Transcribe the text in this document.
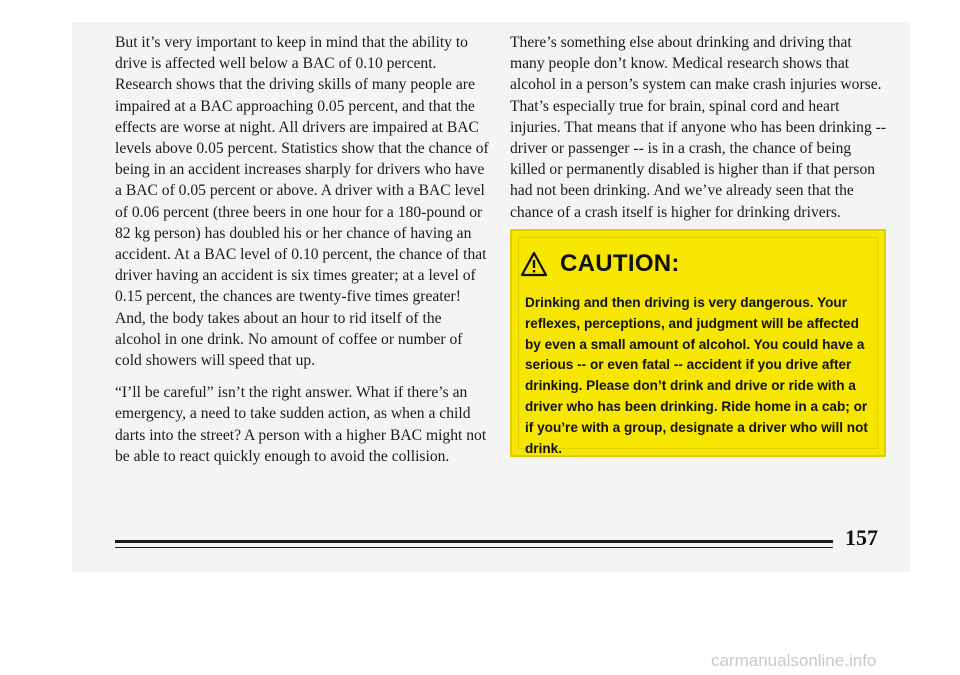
But it’s very important to keep in mind that the ability to drive is affected well below a BAC of 0.10 percent. Research shows that the driving skills of many people are impaired at a BAC approaching 0.05 percent, and that the effects are worse at night. All drivers are impaired at BAC levels above 0.05 percent. Statistics show that the chance of being in an accident increases sharply for drivers who have a BAC of 0.05 percent or above. A driver with a BAC level of 0.06 percent (three beers in one hour for a 180-pound or 82 kg person) has doubled his or her chance of having an accident. At a BAC level of 0.10 percent, the chance of that driver having an accident is six times greater; at a level of 0.15 percent, the chances are twenty-five times greater! And, the body takes about an hour to rid itself of the alcohol in one drink. No amount of coffee or number of cold showers will speed that up.

“I’ll be careful” isn’t the right answer. What if there’s an emergency, a need to take sudden action, as when a child darts into the street? A person with a higher BAC might not be able to react quickly enough to avoid the collision.

There’s something else about drinking and driving that many people don’t know. Medical research shows that alcohol in a person’s system can make crash injuries worse. That’s especially true for brain, spinal cord and heart injuries. That means that if anyone who has been drinking -- driver or passenger -- is in a crash, the chance of being killed or permanently disabled is higher than if that person had not been drinking. And we’ve already seen that the chance of a crash itself is higher for drinking drivers.

CAUTION:
Drinking and then driving is very dangerous. Your reflexes, perceptions, and judgment will be affected by even a small amount of alcohol. You could have a serious -- or even fatal -- accident if you drive after drinking. Please don’t drink and drive or ride with a driver who has been drinking. Ride home in a cab; or if you’re with a group, designate a driver who will not drink.
157
carmanualsonline.info
